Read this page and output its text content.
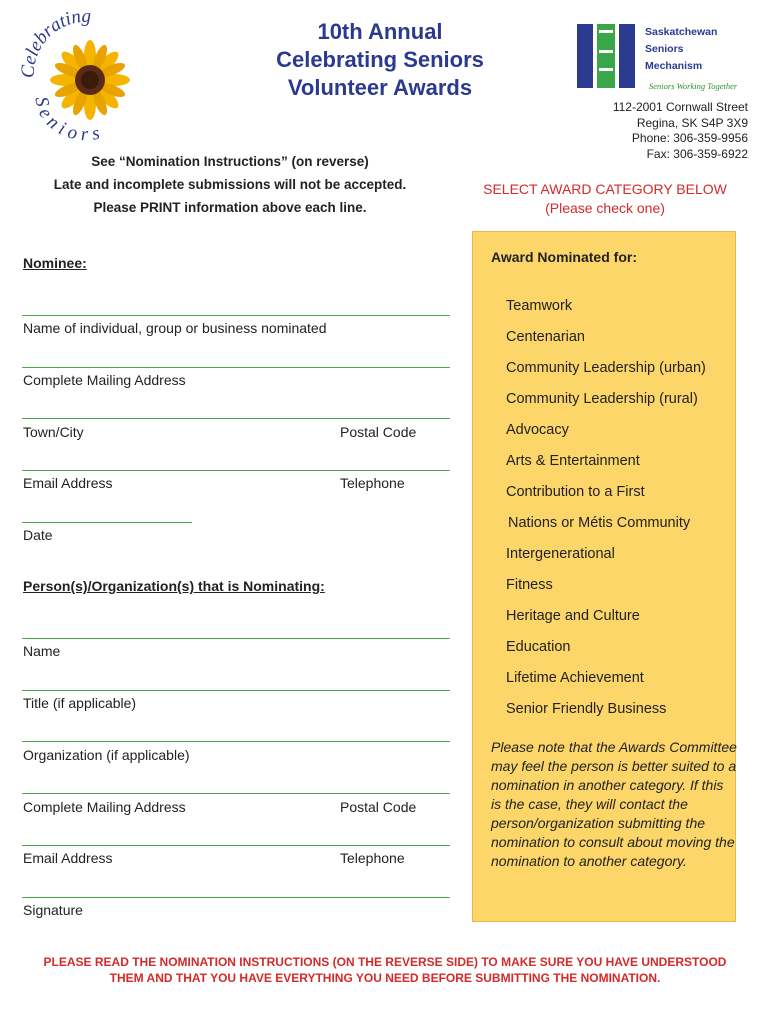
Celebrating
Seniors
10th Annual
Celebrating Seniors
Volunteer Awards
Saskatchewan
Seniors
Mechanism
Seniors Working Together
112-2001 Cornwall Street
Regina, SK S4P 3X9
Phone: 306-359-9956
Fax: 306-359-6922
See “Nomination Instructions” (on reverse)
Late and incomplete submissions will not be accepted.
Please PRINT information above each line.
SELECT AWARD CATEGORY BELOW
(Please check one)
Nominee:
Name of individual, group or business nominated
Complete Mailing Address
Town/City	Postal Code
Email Address	Telephone
Date
Person(s)/Organization(s) that is Nominating:
Name
Title (if applicable)
Organization (if applicable)
Complete Mailing Address	Postal Code
Email Address	Telephone
Signature
Award Nominated for:
Teamwork
Centenarian
Community Leadership (urban)
Community Leadership (rural)
Advocacy
Arts & Entertainment
Contribution to a First
Nations or Métis Community
Intergenerational
Fitness
Heritage and Culture
Education
Lifetime Achievement
Senior Friendly Business
Please note that the Awards Committee may feel the person is better suited to a nomination in another category. If this is the case, they will contact the person/organization submitting the nomination to consult about moving the nomination to another category.
PLEASE READ THE NOMINATION INSTRUCTIONS (ON THE REVERSE SIDE) TO MAKE SURE YOU HAVE UNDERSTOOD
THEM AND THAT YOU HAVE EVERYTHING YOU NEED BEFORE SUBMITTING THE NOMINATION.
